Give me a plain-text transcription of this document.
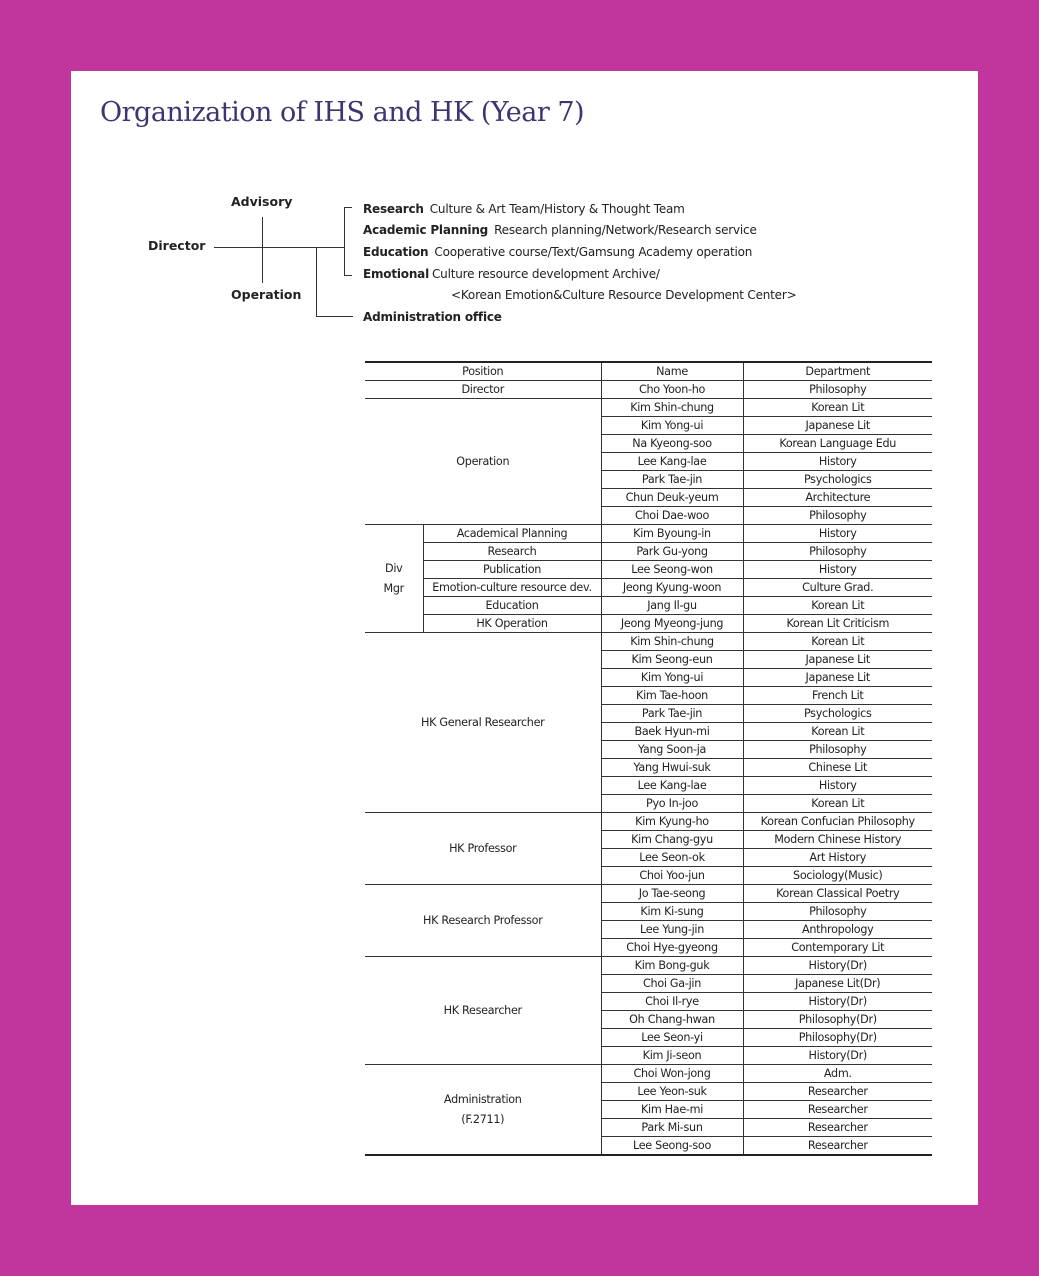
Organization of IHS and HK (Year 7)
Director
Advisory
Operation
Research Culture & Art Team/History & Thought Team
Academic Planning Research planning/Network/Research service
Education Cooperative course/Text/Gamsung Academy operation
Emotional Culture resource development Archive/
<Korean Emotion&Culture Resource Development Center>
Administration office
Position		Name	Department
Director		Cho Yoon-ho	Philosophy
Operation		Kim Shin-chung	Korean Lit
		Kim Yong-ui	Japanese Lit
		Na Kyeong-soo	Korean Language Edu
		Lee Kang-lae	History
		Park Tae-jin	Psychologics
		Chun Deuk-yeum	Architecture
		Choi Dae-woo	Philosophy

Div
Mgr	Academical Planning	Kim Byoung-in	History
	Research	Park Gu-yong	Philosophy
	Publication	Lee Seong-won	History
	Emotion-culture resource dev.	Jeong Kyung-woon	Culture Grad.
	Education	Jang Il-gu	Korean Lit
	HK Operation	Jeong Myeong-jung	Korean Lit Criticism
HK General Researcher		Kim Shin-chung	Korean Lit
		Kim Seong-eun	Japanese Lit
		Kim Yong-ui	Japanese Lit
		Kim Tae-hoon	French Lit
		Park Tae-jin	Psychologics
		Baek Hyun-mi	Korean Lit
		Yang Soon-ja	Philosophy
		Yang Hwui-suk	Chinese Lit
		Lee Kang-lae	History
		Pyo In-joo	Korean Lit
HK Professor		Kim Kyung-ho	Korean Confucian Philosophy
		Kim Chang-gyu	Modern Chinese History
		Lee Seon-ok	Art History
		Choi Yoo-jun	Sociology(Music)
HK Research Professor		Jo Tae-seong	Korean Classical Poetry
		Kim Ki-sung	Philosophy
		Lee Yung-jin	Anthropology
		Choi Hye-gyeong	Contemporary Lit
HK Researcher		Kim Bong-guk	History(Dr)
		Choi Ga-jin	Japanese Lit(Dr)
		Choi Il-rye	History(Dr)
		Oh Chang-hwan	Philosophy(Dr)
		Lee Seon-yi	Philosophy(Dr)
		Kim Ji-seon	History(Dr)

Administration
(F.2711)		Choi Won-jong	Adm.
		Lee Yeon-suk	Researcher
		Kim Hae-mi	Researcher
		Park Mi-sun	Researcher
		Lee Seong-soo	Researcher
